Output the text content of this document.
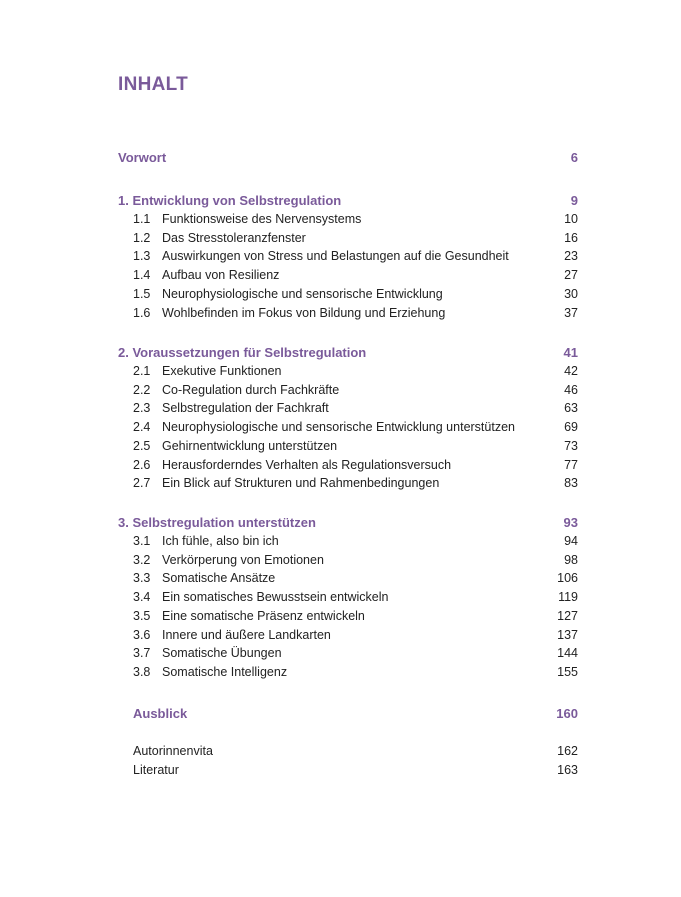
INHALT
Vorwort	6
1. Entwicklung von Selbstregulation	9
1.1 Funktionsweise des Nervensystems	10
1.2 Das Stresstoleranzfenster	16
1.3 Auswirkungen von Stress und Belastungen auf die Gesundheit	23
1.4 Aufbau von Resilienz	27
1.5 Neurophysiologische und sensorische Entwicklung	30
1.6 Wohlbefinden im Fokus von Bildung und Erziehung	37
2. Voraussetzungen für Selbstregulation	41
2.1 Exekutive Funktionen	42
2.2 Co-Regulation durch Fachkräfte	46
2.3 Selbstregulation der Fachkraft	63
2.4 Neurophysiologische und sensorische Entwicklung unterstützen	69
2.5 Gehirnentwicklung unterstützen	73
2.6 Herausforderndes Verhalten als Regulationsversuch	77
2.7 Ein Blick auf Strukturen und Rahmenbedingungen	83
3. Selbstregulation unterstützen	93
3.1 Ich fühle, also bin ich	94
3.2 Verkörperung von Emotionen	98
3.3 Somatische Ansätze	106
3.4 Ein somatisches Bewusstsein entwickeln	119
3.5 Eine somatische Präsenz entwickeln	127
3.6 Innere und äußere Landkarten	137
3.7 Somatische Übungen	144
3.8 Somatische Intelligenz	155
Ausblick	160
Autorinnenvita	162
Literatur	163
